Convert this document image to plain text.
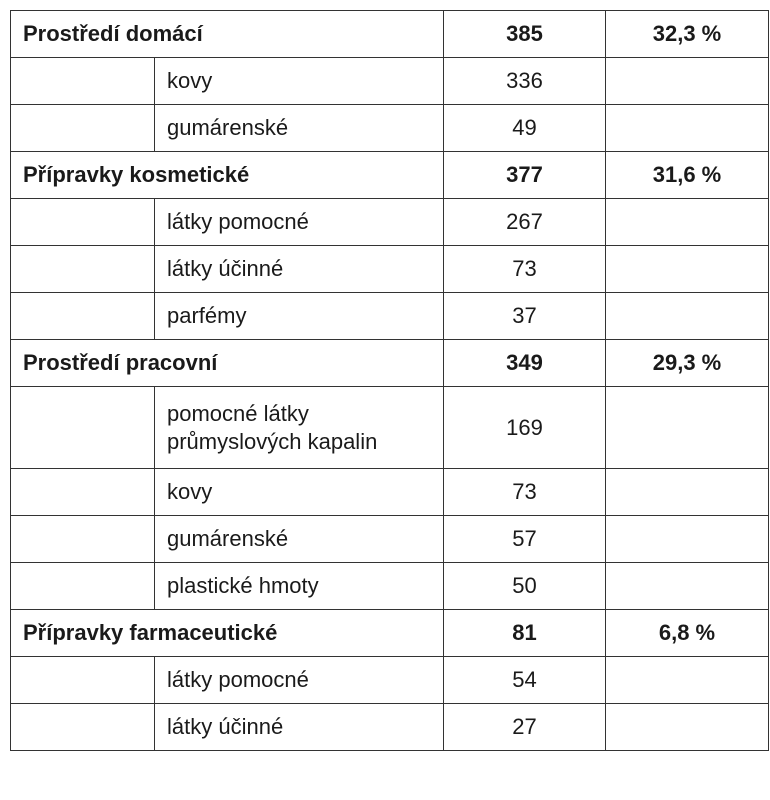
Prostředí domácí		385	32,3 %
	kovy	336	
	gumárenské	49	
Přípravky kosmetické		377	31,6 %
	látky pomocné	267	
	látky účinné	73	
	parfémy	37	
Prostředí pracovní		349	29,3 %
	pomocné látky průmyslových kapalin	169	
	kovy	73	
	gumárenské	57	
	plastické hmoty	50	
Přípravky farmaceutické		81	6,8 %
	látky pomocné	54	
	látky účinné	27	
